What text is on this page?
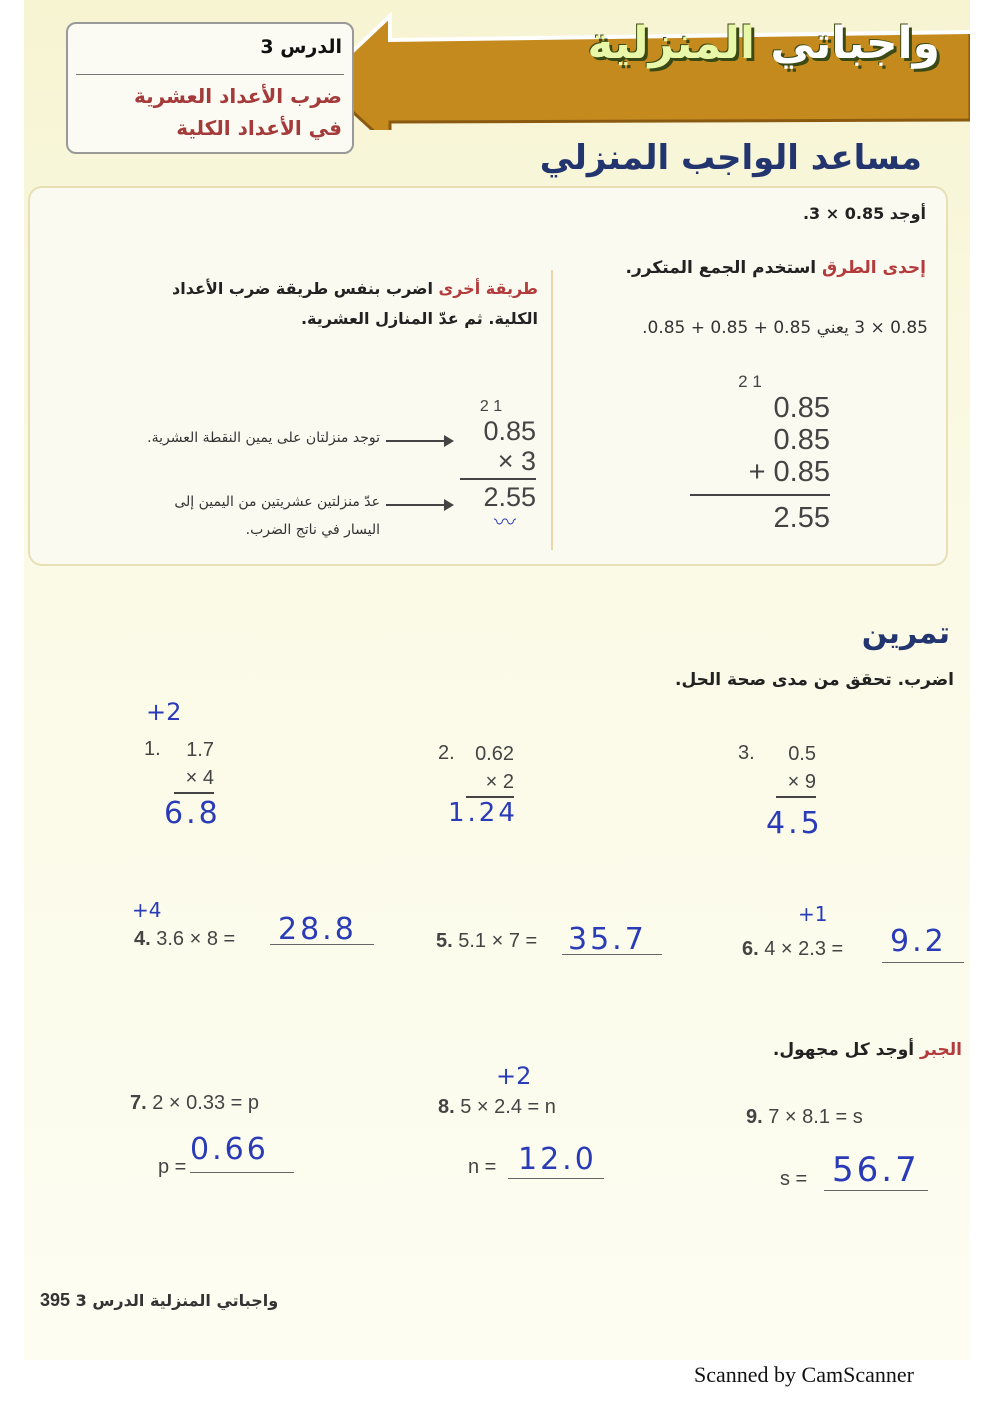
واجباتي المنزلية
الدرس 3
ضرب الأعداد العشرية
في الأعداد الكلية
مساعد الواجب المنزلي
أوجد 0.85 × 3.
إحدى الطرق استخدم الجمع المتكرر.
0.85 × 3 يعني 0.85 + 0.85 + 0.85.
طريقة أخرى اضرب بنفس طريقة ضرب الأعداد الكلية. ثم عدّ المنازل العشرية.
2 1
0.85
0.85
+ 0.85
2.55
2 1
0.85
× 3
2.55
〰
توجد منزلتان على يمين النقطة العشرية.
عدّ منزلتين عشريتين من اليمين إلى
اليسار في ناتج الضرب.
تمرين
اضرب. تحقق من مدى صحة الحل.
+2
1.	1.7
× 4
6.8
2.	0.62
× 2
1.24
3.	0.5
× 9
4.5
+4
4. 3.6 × 8 = 28.8	5. 5.1 × 7 = 35.7
+1
6. 4 × 2.3 = 9.2
الجبر أوجد كل مجهول.
7. 2 × 0.33 = p
p = 0.66
+2
8. 5 × 2.4 = n
n = 12.0
9. 7 × 8.1 = s
s = 56.7
395	واجباتي المنزلية الدرس 3
Scanned by CamScanner
